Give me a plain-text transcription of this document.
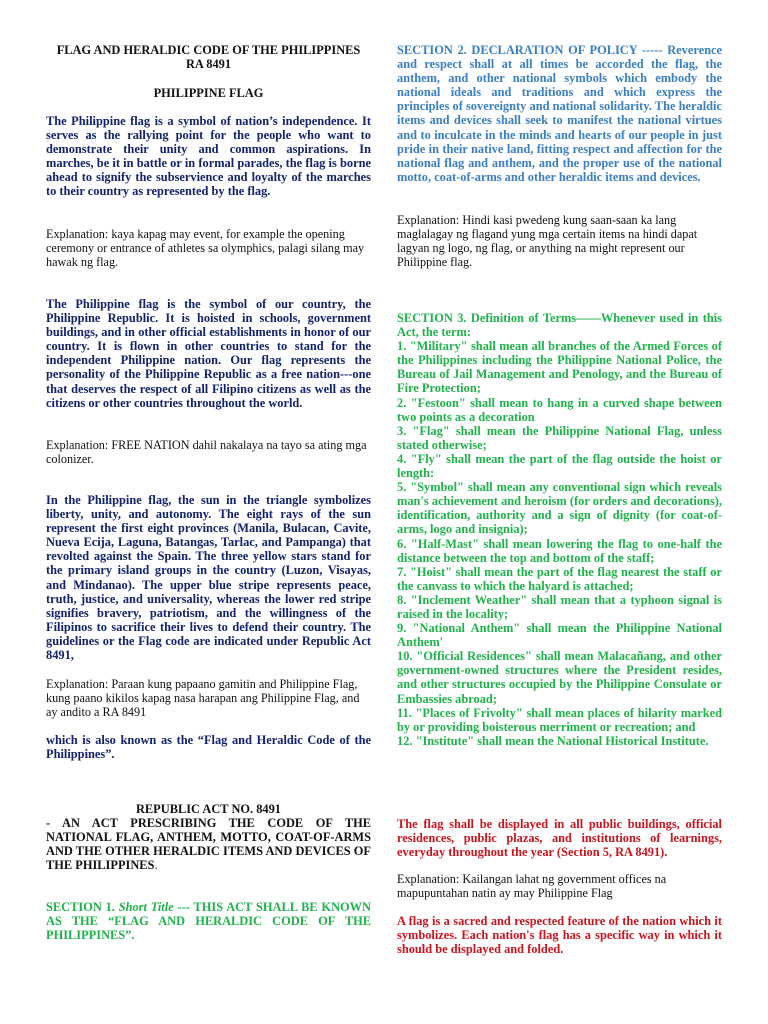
FLAG AND HERALDIC CODE OF THE PHILIPPINES
RA 8491
PHILIPPINE FLAG

The Philippine flag is a symbol of nation’s independence. It serves as the rallying point for the people who want to demonstrate their unity and common aspirations. In marches, be it in battle or in formal parades, the flag is borne ahead to signify the subservience and loyalty of the marches to their country as represented by the flag.

Explanation: kaya kapag may event, for example the opening ceremony or entrance of athletes sa olymphics, palagi silang may hawak ng flag.

The Philippine flag is the symbol of our country, the Philippine Republic. It is hoisted in schools, government buildings, and in other official establishments in honor of our country. It is flown in other countries to stand for the independent Philippine nation. Our flag represents the personality of the Philippine Republic as a free nation---one that deserves the respect of all Filipino citizens as well as the citizens or other countries throughout the world.

Explanation: FREE NATION dahil nakalaya na tayo sa ating mga colonizer.

In the Philippine flag, the sun in the triangle symbolizes liberty, unity, and autonomy. The eight rays of the sun represent the first eight provinces (Manila, Bulacan, Cavite, Nueva Ecija, Laguna, Batangas, Tarlac, and Pampanga) that revolted against the Spain. The three yellow stars stand for the primary island groups in the country (Luzon, Visayas, and Mindanao). The upper blue stripe represents peace, truth, justice, and universality, whereas the lower red stripe signifies bravery, patriotism, and the willingness of the Filipinos to sacrifice their lives to defend their country. The guidelines or the Flag code are indicated under Republic Act 8491,

Explanation: Paraan kung papaano gamitin and Philippine Flag, kung paano kikilos kapag nasa harapan ang Philippine Flag, and ay andito a RA 8491

which is also known as the “Flag and Heraldic Code of the Philippines”.

REPUBLIC ACT NO. 8491

- AN ACT PRESCRIBING THE CODE OF THE NATIONAL FLAG, ANTHEM, MOTTO, COAT-OF-ARMS AND THE OTHER HERALDIC ITEMS AND DEVICES OF THE PHILIPPINES.

SECTION 1. Short Title --- THIS ACT SHALL BE KNOWN AS THE “FLAG AND HERALDIC CODE OF THE PHILIPPINES”.

SECTION 2. DECLARATION OF POLICY ----- Reverence and respect shall at all times be accorded the flag, the anthem, and other national symbols which embody the national ideals and traditions and which express the principles of sovereignty and national solidarity. The heraldic items and devices shall seek to manifest the national virtues and to inculcate in the minds and hearts of our people in just pride in their native land, fitting respect and affection for the national flag and anthem, and the proper use of the national motto, coat-of-arms and other heraldic items and devices.

Explanation: Hindi kasi pwedeng kung saan-saan ka lang maglalagay ng flagand yung mga certain items na hindi dapat lagyan ng logo, ng flag, or anything na might represent our Philippine flag.

SECTION 3. Definition of Terms——Whenever used in this Act, the term:
1. "Military" shall mean all branches of the Armed Forces of the Philippines including the Philippine National Police, the Bureau of Jail Management and Penology, and the Bureau of Fire Protection;
2. "Festoon" shall mean to hang in a curved shape between two points as a decoration
3. "Flag" shall mean the Philippine National Flag, unless stated otherwise;
4. "Fly" shall mean the part of the flag outside the hoist or length:
5. "Symbol" shall mean any conventional sign which reveals man's achievement and heroism (for orders and decorations), identification, authority and a sign of dignity (for coat-of-arms, logo and insignia);
6. "Half-Mast" shall mean lowering the flag to one-half the distance between the top and bottom of the staff;
7. "Hoist" shall mean the part of the flag nearest the staff or the canvass to which the halyard is attached;
8. "Inclement Weather" shall mean that a typhoon signal is raised in the locality;
9. "National Anthem" shall mean the Philippine National Anthem'
10. "Official Residences" shall mean Malacañang, and other government-owned structures where the President resides, and other structures occupied by the Philippine Consulate or Embassies abroad;
11. "Places of Frivolty" shall mean places of hilarity marked by or providing boisterous merriment or recreation; and
12. "Institute" shall mean the National Historical Institute.

The flag shall be displayed in all public buildings, official residences, public plazas, and institutions of learnings, everyday throughout the year (Section 5, RA 8491).

Explanation: Kailangan lahat ng government offices na mapupuntahan natin ay may Philippine Flag

A flag is a sacred and respected feature of the nation which it symbolizes. Each nation's flag has a specific way in which it should be displayed and folded.
